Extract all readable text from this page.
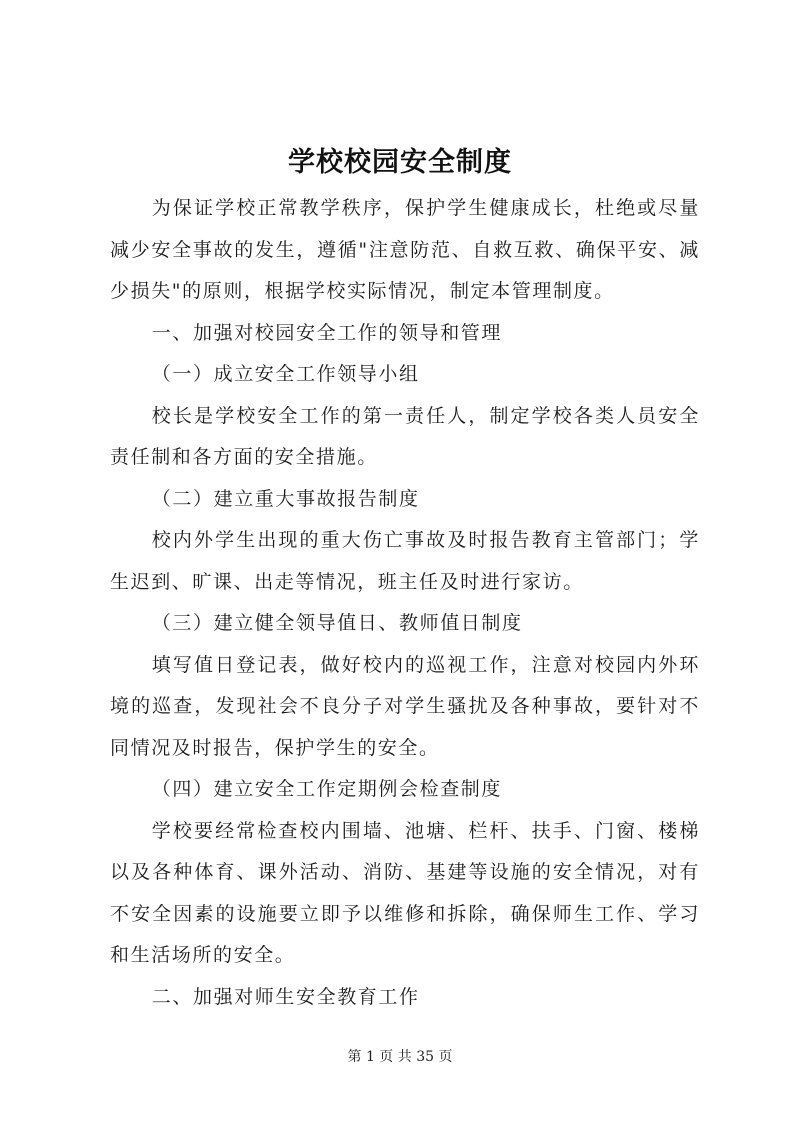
学校校园安全制度

为保证学校正常教学秩序，保护学生健康成长，杜绝或尽量减少安全事故的发生，遵循"注意防范、自救互救、确保平安、减少损失"的原则，根据学校实际情况，制定本管理制度。

一、加强对校园安全工作的领导和管理

（一）成立安全工作领导小组

校长是学校安全工作的第一责任人，制定学校各类人员安全责任制和各方面的安全措施。

（二）建立重大事故报告制度

校内外学生出现的重大伤亡事故及时报告教育主管部门；学生迟到、旷课、出走等情况，班主任及时进行家访。

（三）建立健全领导值日、教师值日制度

填写值日登记表，做好校内的巡视工作，注意对校园内外环境的巡查，发现社会不良分子对学生骚扰及各种事故，要针对不同情况及时报告，保护学生的安全。

（四）建立安全工作定期例会检查制度

学校要经常检查校内围墙、池塘、栏杆、扶手、门窗、楼梯以及各种体育、课外活动、消防、基建等设施的安全情况，对有不安全因素的设施要立即予以维修和拆除，确保师生工作、学习和生活场所的安全。

二、加强对师生安全教育工作

第 1 页 共 35 页
